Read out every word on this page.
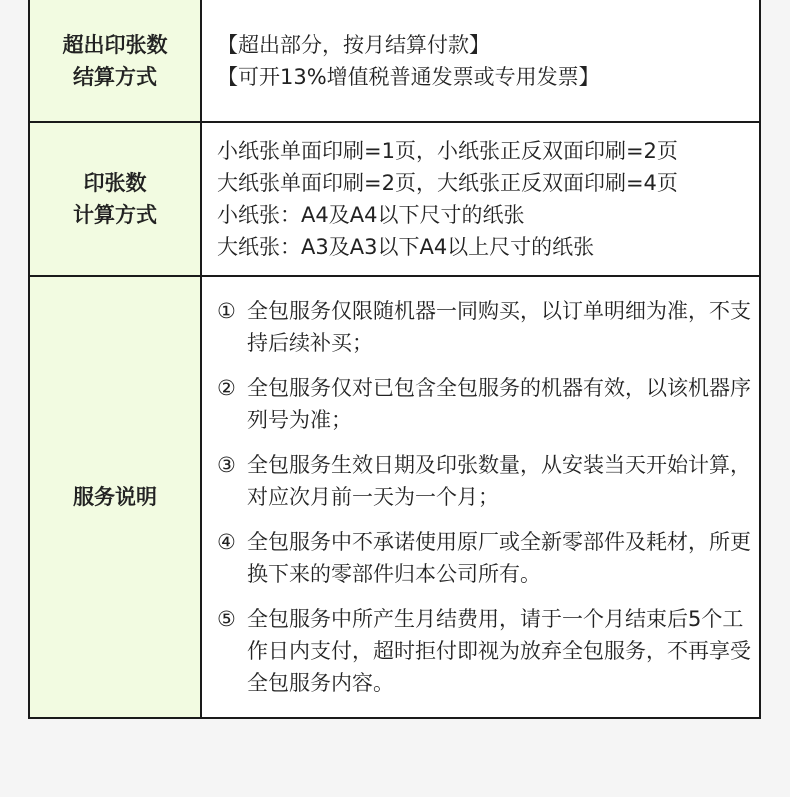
超出印张数
结算方式
【超出部分，按月结算付款】
【可开13%增值税普通发票或专用发票】
印张数
计算方式
小纸张单面印刷=1页，小纸张正反双面印刷=2页
大纸张单面印刷=2页，大纸张正反双面印刷=4页
小纸张：A4及A4以下尺寸的纸张
大纸张：A3及A3以下A4以上尺寸的纸张
服务说明
① 全包服务仅限随机器一同购买，以订单明细为准，不支持后续补买；
② 全包服务仅对已包含全包服务的机器有效，以该机器序列号为准；
③ 全包服务生效日期及印张数量，从安装当天开始计算，对应次月前一天为一个月；
④ 全包服务中不承诺使用原厂或全新零部件及耗材，所更换下来的零部件归本公司所有。
⑤ 全包服务中所产生月结费用，请于一个月结束后5个工作日内支付，超时拒付即视为放弃全包服务，不再享受全包服务内容。
